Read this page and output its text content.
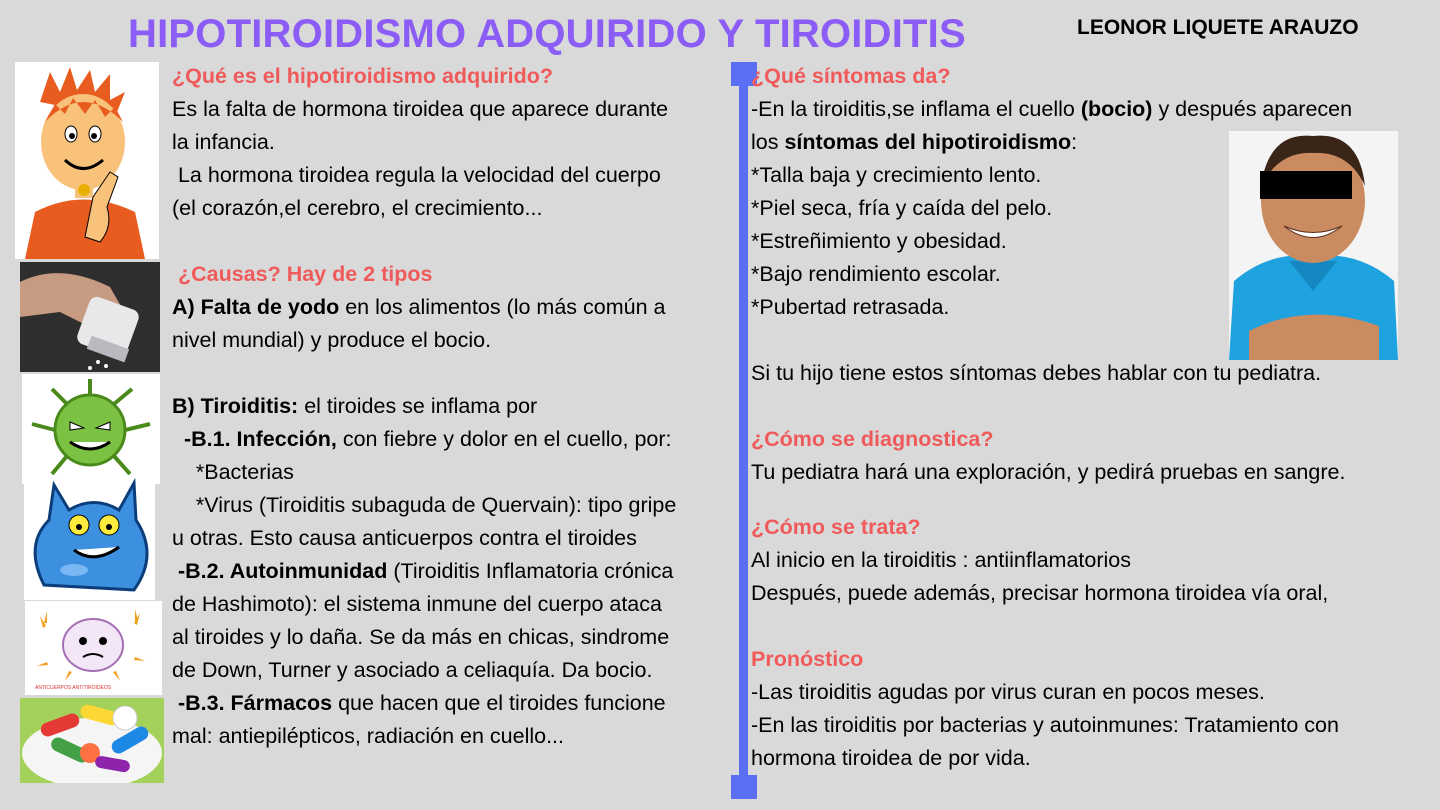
HIPOTIROIDISMO ADQUIRIDO Y TIROIDITIS	LEONOR LIQUETE ARAUZO
ANTICUERPOS ANTITIROIDEOS

¿Qué es el hipotiroidismo adquirido?

Es la falta de hormona tiroidea que aparece durante

la infancia.

La hormona tiroidea regula la velocidad del cuerpo

(el corazón,el cerebro, el crecimiento...

¿Causas? Hay de 2 tipos

A) Falta de yodo en los alimentos (lo más común a

nivel mundial) y produce el bocio.

B) Tiroiditis: el tiroides se inflama por

-B.1. Infección, con fiebre y dolor en el cuello, por:

*Bacterias

*Virus (Tiroiditis subaguda de Quervain): tipo gripe

u otras. Esto causa anticuerpos contra el tiroides

-B.2. Autoinmunidad (Tiroiditis Inflamatoria crónica

de Hashimoto): el sistema inmune del cuerpo ataca

al tiroides y lo daña. Se da más en chicas, sindrome

de Down, Turner y asociado a celiaquía. Da bocio.

-B.3. Fármacos que hacen que el tiroides funcione

mal: antiepilépticos, radiación en cuello...

¿Qué síntomas da?

-En la tiroiditis,se inflama el cuello (bocio) y después aparecen

los síntomas del hipotiroidismo:

*Talla baja y crecimiento lento.

*Piel seca, fría y caída del pelo.

*Estreñimiento y obesidad.

*Bajo rendimiento escolar.

*Pubertad retrasada.

Si tu hijo tiene estos síntomas debes hablar con tu pediatra.

¿Cómo se diagnostica?

Tu pediatra hará una exploración, y pedirá pruebas en sangre.

¿Cómo se trata?

Al inicio en la tiroiditis : antiinflamatorios

Después, puede además, precisar hormona tiroidea vía oral,

Pronóstico

-Las tiroiditis agudas por virus curan en pocos meses.

-En las tiroiditis por bacterias y autoinmunes: Tratamiento con

hormona tiroidea de por vida.
